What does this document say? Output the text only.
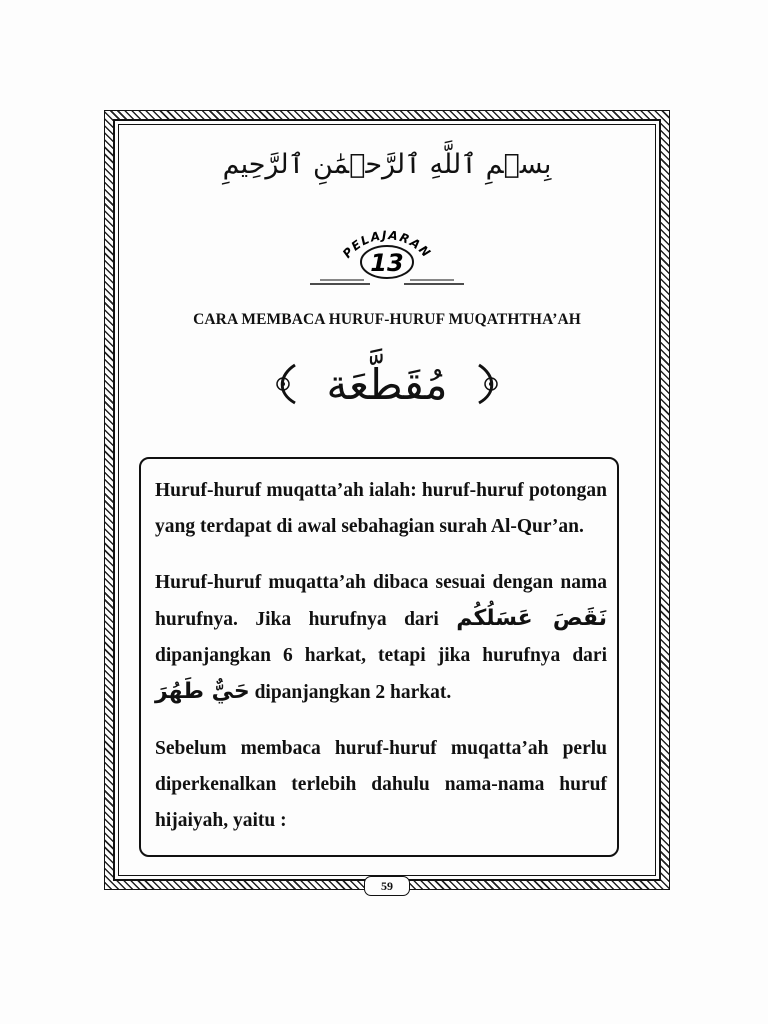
بِسۡمِ ٱللَّهِ ٱلرَّحۡمَٰنِ ٱلرَّحِيمِ
PELAJARAN
13
CARA MEMBACA HURUF-HURUF MUQATHTHA’AH
مُقَطَّعَة

Huruf-huruf muqatta’ah ialah: huruf-huruf potongan yang terdapat di awal sebahagian surah Al-Qur’an.

Huruf-huruf muqatta’ah dibaca sesuai dengan nama hurufnya. Jika hurufnya dari نَقَصَ عَسَلُكُم dipanjangkan 6 harkat, tetapi jika hurufnya dari حَيٌّ طَهُرَ dipanjangkan 2 harkat.

Sebelum membaca huruf-huruf muqatta’ah perlu diperkenalkan terlebih dahulu nama-nama huruf hijaiyah, yaitu :

59
